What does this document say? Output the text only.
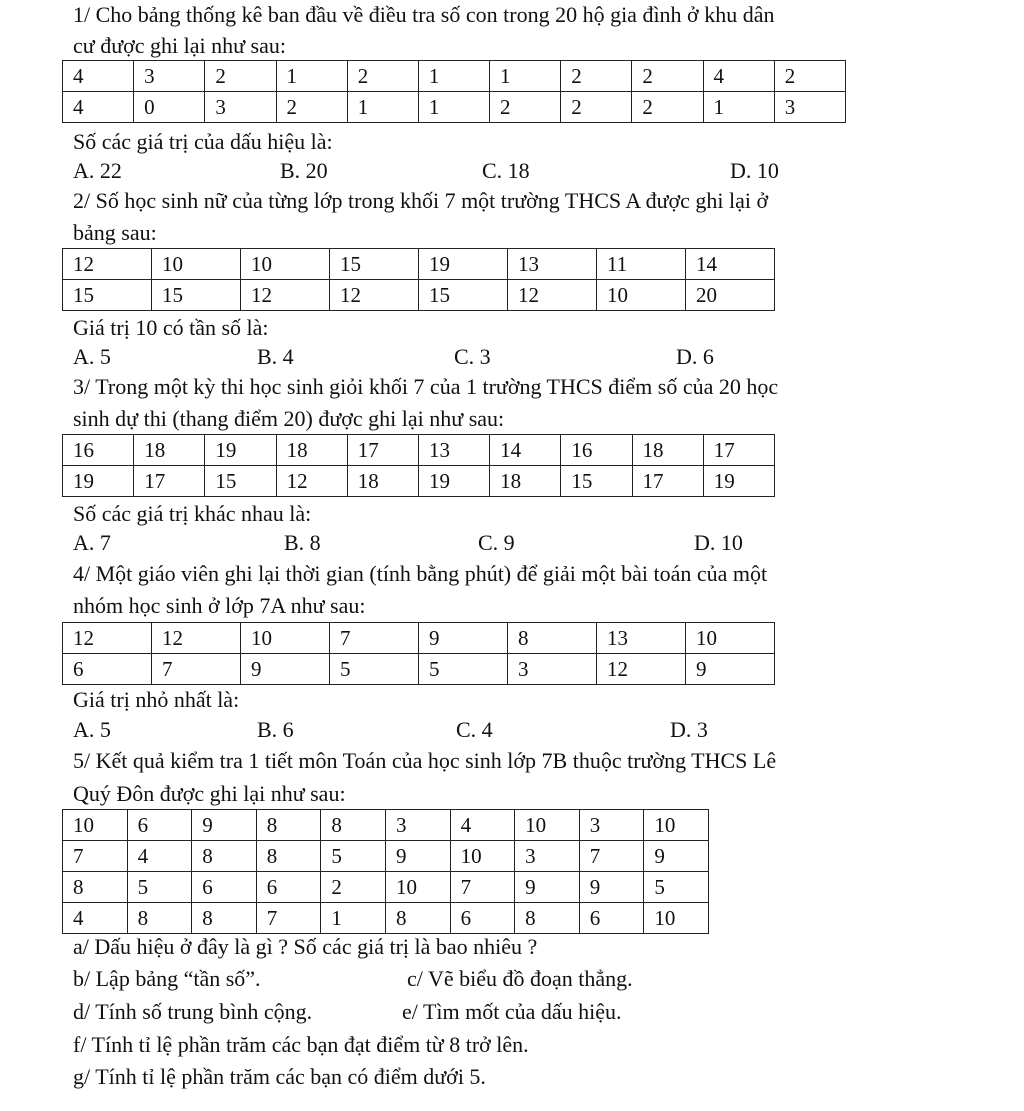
1/ Cho bảng thống kê ban đầu về điều tra số con trong 20 hộ gia đình ở khu dân
cư được ghi lại như sau:
4	3	2	1	2	1	1	2	2	4	2
4	0	3	2	1	1	2	2	2	1	3
Số các giá trị của dấu hiệu là:
A. 22	B. 20	C. 18	D. 10
2/ Số học sinh nữ của từng lớp trong khối 7 một trường THCS A được ghi lại ở
bảng sau:
12	10	10	15	19	13	11	14
15	15	12	12	15	12	10	20
Giá trị 10 có tần số là:
A. 5	B. 4	C. 3	D. 6
3/ Trong một kỳ thi học sinh giỏi khối 7 của 1 trường THCS điểm số của 20 học
sinh dự thi (thang điểm 20) được ghi lại như sau:
16	18	19	18	17	13	14	16	18	17
19	17	15	12	18	19	18	15	17	19
Số các giá trị khác nhau là:
A. 7	B. 8	C. 9	D. 10
4/ Một giáo viên ghi lại thời gian (tính bằng phút) để giải một bài toán của một
nhóm học sinh ở lớp 7A như sau:
12	12	10	7	9	8	13	10
6	7	9	5	5	3	12	9
Giá trị nhỏ nhất là:
A. 5	B. 6	C. 4	D. 3
5/ Kết quả kiểm tra 1 tiết môn Toán của học sinh lớp 7B thuộc trường THCS Lê
Quý Đôn được ghi lại như sau:
10	6	9	8	8	3	4	10	3	10
7	4	8	8	5	9	10	3	7	9
8	5	6	6	2	10	7	9	9	5
4	8	8	7	1	8	6	8	6	10
a/ Dấu hiệu ở đây là gì ? Số các giá trị là bao nhiêu ?
b/ Lập bảng “tần số”.	c/ Vẽ biểu đồ đoạn thẳng.
d/ Tính số trung bình cộng.	e/ Tìm mốt của dấu hiệu.
f/ Tính tỉ lệ phần trăm các bạn đạt điểm từ 8 trở lên.
g/ Tính tỉ lệ phần trăm các bạn có điểm dưới 5.
